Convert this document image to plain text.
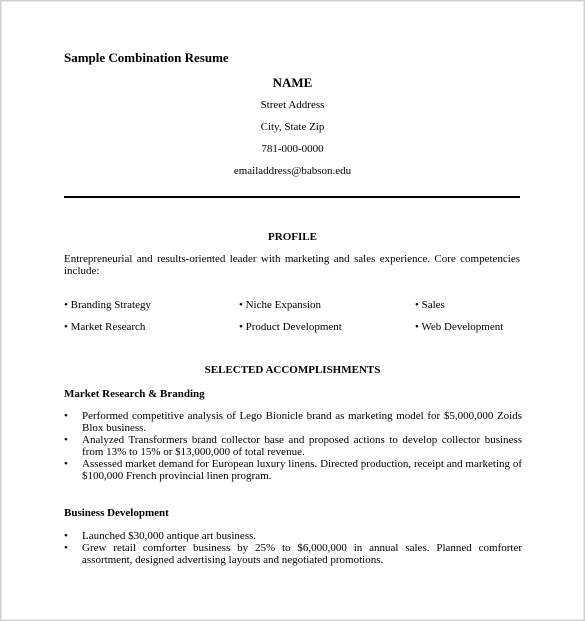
Sample Combination Resume
NAME
Street Address
City, State Zip
781-000-0000
emailaddress@babson.edu
PROFILE
Entrepreneurial and results-oriented leader with marketing and sales experience. Core competencies include:
• Branding Strategy	• Niche Expansion	• Sales
• Market Research	• Product Development	• Web Development
SELECTED ACCOMPLISHMENTS
Market Research & Branding
• Performed competitive analysis of Lego Bionicle brand as marketing model for $5,000,000 Zoids Blox business.
• Analyzed Transformers brand collector base and proposed actions to develop collector business from 13% to 15% or $13,000,000 of total revenue.
• Assessed market demand for European luxury linens. Directed production, receipt and marketing of $100,000 French provincial linen program.
Business Development
• Launched $30,000 antique art business.
• Grew retail comforter business by 25% to $6,000,000 in annual sales. Planned comforter assortment, designed advertising layouts and negotiated promotions.
